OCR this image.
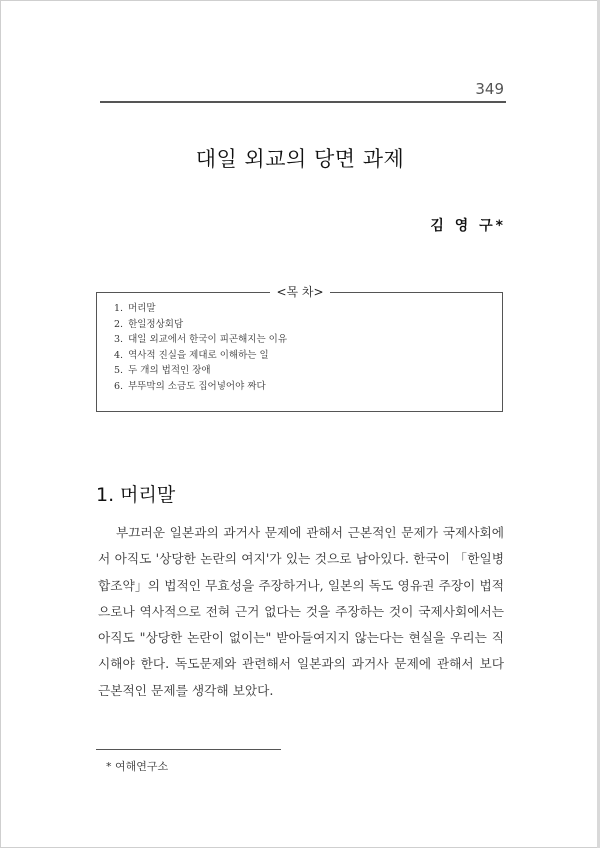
349
대일 외교의 당면 과제
김 영 구*
<목 차>
1. 머리말
2. 한일정상회담
3. 대일 외교에서 한국이 피곤해지는 이유
4. 역사적 진실을 제대로 이해하는 일
5. 두 개의 법적인 장애
6. 부뚜막의 소금도 집어넣어야 짜다
1. 머리말

부끄러운 일본과의 과거사 문제에 관해서 근본적인 문제가 국제사회에서 아직도 '상당한 논란의 여지'가 있는 것으로 남아있다. 한국이 「한일병합조약」의 법적인 무효성을 주장하거나, 일본의 독도 영유권 주장이 법적으로나 역사적으로 전혀 근거 없다는 것을 주장하는 것이 국제사회에서는 아직도 "상당한 논란이 없이는" 받아들여지지 않는다는 현실을 우리는 직시해야 한다. 독도문제와 관련해서 일본과의 과거사 문제에 관해서 보다 근본적인 문제를 생각해 보았다.

* 여해연구소
